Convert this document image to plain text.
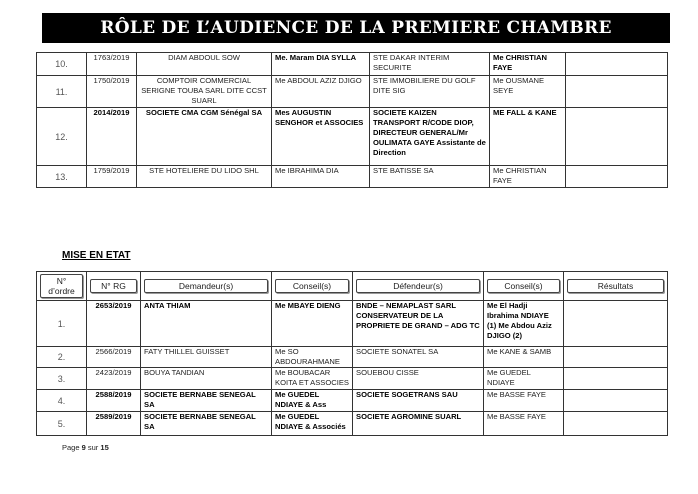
RÔLE DE L’AUDIENCE DE LA PREMIERE CHAMBRE
10.	1763/2019	DIAM ABDOUL SOW	Me. Maram DIA SYLLA	STE DAKAR INTERIM SECURITE	Me CHRISTIAN FAYE	
11.	1750/2019	COMPTOIR COMMERCIAL SERIGNE TOUBA SARL DITE CCST SUARL	Me ABDOUL AZIZ DJIGO	STE IMMOBILIERE DU GOLF DITE SIG	Me OUSMANE SEYE	
12.	2014/2019	SOCIETE CMA CGM Sénégal SA	Mes AUGUSTIN SENGHOR et ASSOCIES	SOCIETE KAIZEN TRANSPORT R/CODE DIOP, DIRECTEUR GENERAL/Mr OULIMATA GAYE Assistante de Direction	ME FALL & KANE	
13.	1759/2019	STE HOTELIERE DU LIDO SHL	Me IBRAHIMA DIA	STE BATISSE SA	Me CHRISTIAN FAYE	
MISE EN ETAT
N° d’ordre	N° RG	Demandeur(s)	Conseil(s)	Défendeur(s)	Conseil(s)	Résultats

1.	2653/2019	ANTA THIAM	Me MBAYE DIENG	BNDE – NEMAPLAST SARL CONSERVATEUR DE LA PROPRIETE DE GRAND – ADG TC	Me El Hadji Ibrahima NDIAYE (1) Me Abdou Aziz DJIGO (2)	
2.	2566/2019	FATY THILLEL GUISSET	Me SO ABDOURAHMANE	SOCIETE SONATEL SA	Me KANE & SAMB	
3.	2423/2019	BOUYA TANDIAN	Me BOUBACAR KOITA ET ASSOCIES	SOUEBOU CISSE	Me GUEDEL NDIAYE	
4.	2588/2019	SOCIETE BERNABE SENEGAL SA	Me GUEDEL NDIAYE & Ass	SOCIETE SOGETRANS SAU	Me BASSE FAYE	
5.	2589/2019	SOCIETE BERNABE SENEGAL SA	Me GUEDEL NDIAYE & Associés	SOCIETE AGROMINE SUARL	Me BASSE FAYE	
Page 9 sur 15
